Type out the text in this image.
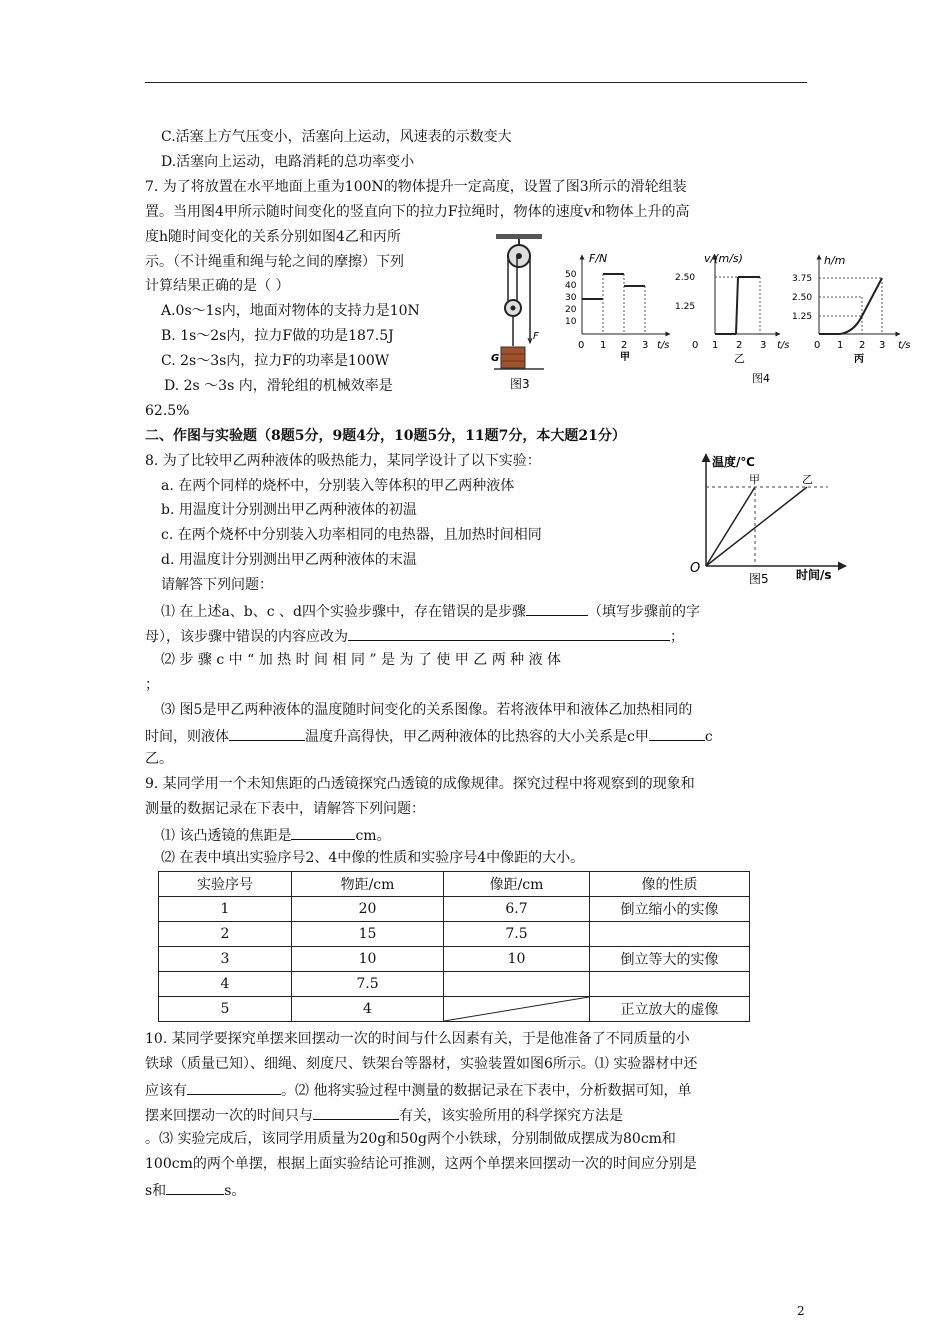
C.活塞上方气压变小，活塞向上运动，风速表的示数变大
D.活塞向上运动，电路消耗的总功率变小
7. 为了将放置在水平地面上重为100N的物体提升一定高度，设置了图3所示的滑轮组装
置。当用图4甲所示随时间变化的竖直向下的拉力F拉绳时，物体的速度v和物体上升的高
度h随时间变化的关系分别如图4乙和丙所
示。（不计绳重和绳与轮之间的摩擦）下列
计算结果正确的是（ ）
A.0s～1s内，地面对物体的支持力是10N
B. 1s～2s内，拉力F做的功是187.5J
C. 2s～3s内，拉力F的功率是100W
D. 2s ～3s 内，滑轮组的机械效率是
62.5%
F
G
图3
F/N
50
40
30
20
10
0 1 2 3 t/s
甲
v/(m/s)
2.50
1.25
0 1 2 3 t/s
乙
图4
h/m
3.75
2.50
1.25
0 1 2 3 t/s
丙
二、作图与实验题（8题5分，9题4分，10题5分，11题7分，本大题21分）
8. 为了比较甲乙两种液体的吸热能力，某同学设计了以下实验：
a. 在两个同样的烧杯中，分别装入等体积的甲乙两种液体
b. 用温度计分别测出甲乙两种液体的初温
c. 在两个烧杯中分别装入功率相同的电热器，且加热时间相同
d. 用温度计分别测出甲乙两种液体的末温
请解答下列问题：
⑴ 在上述a、b、c 、d四个实验步骤中，存在错误的是步骤	（填写步骤前的字
母），该步骤中错误的内容应改为	；
⑵ 步 骤 c 中 “ 加 热 时 间 相 同 ” 是 为 了 使 甲 乙 两 种 液 体
；
⑶ 图5是甲乙两种液体的温度随时间变化的关系图像。若将液体甲和液体乙加热相同的
时间，则液体	温度升高得快，甲乙两种液体的比热容的大小关系是c甲	c
乙。
温度/℃
甲	乙
O
图5 时间/s
9. 某同学用一个未知焦距的凸透镜探究凸透镜的成像规律。探究过程中将观察到的现象和
测量的数据记录在下表中，请解答下列问题：
⑴ 该凸透镜的焦距是	cm。
⑵ 在表中填出实验序号2、4中像的性质和实验序号4中像距的大小。
实验序号	物距/cm	像距/cm	像的性质
1	20	6.7	倒立缩小的实像
2	15	7.5	
3	10	10	倒立等大的实像
4	7.5		
5	4		正立放大的虚像
10. 某同学要探究单摆来回摆动一次的时间与什么因素有关，于是他准备了不同质量的小
铁球（质量已知）、细绳、刻度尺、铁架台等器材，实验装置如图6所示。⑴ 实验器材中还
应该有	。⑵ 他将实验过程中测量的数据记录在下表中，分析数据可知，单
摆来回摆动一次的时间只与	有关，该实验所用的科学探究方法是
。⑶ 实验完成后，该同学用质量为20g和50g两个小铁球，分别制做成摆成为80cm和
100cm的两个单摆，根据上面实验结论可推测，这两个单摆来回摆动一次的时间应分别是
s和	s。
2
